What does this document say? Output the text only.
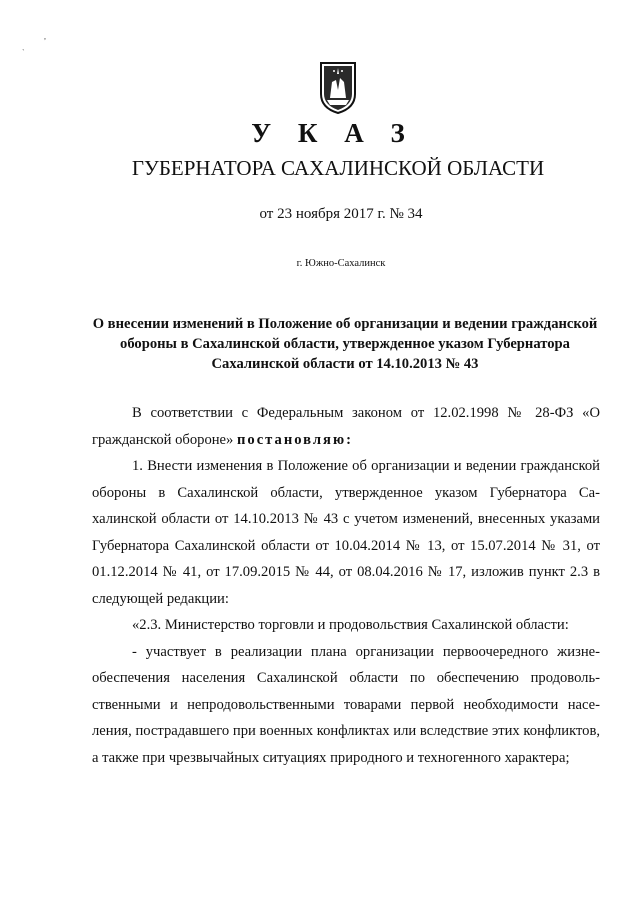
,
`
У К А З
ГУБЕРНАТОРА САХАЛИНСКОЙ ОБЛАСТИ
от 23 ноября 2017 г. № 34
г. Южно-Сахалинск
О внесении изменений в Положение об организации и ведении гражданской обороны в Сахалинской области, утвержденное указом Губернатора Сахалинской области от 14.10.2013 № 43

В соответствии с Федеральным законом от 12.02.1998 № 28-ФЗ «О гражданской обороне» постановляю:

1. Внести изменения в Положение об организации и ведении гражданской обороны в Сахалинской области, утвержденное указом Губернатора Сахалинской области от 14.10.2013 № 43 с учетом изменений, внесенных указами Губернатора Сахалинской области от 10.04.2014 № 13, от 15.07.2014 № 31, от 01.12.2014 № 41, от 17.09.2015 № 44, от 08.04.2016 № 17, изложив пункт 2.3 в следующей редакции:

«2.3. Министерство торговли и продовольствия Сахалинской области:

- участвует в реализации плана организации первоочередного жизнеобеспечения населения Сахалинской области по обеспечению продовольственными и непродовольственными товарами первой необходимости населения, пострадавшего при военных конфликтах или вследствие этих конфликтов, а также при чрезвычайных ситуациях природного и техногенного характера;
